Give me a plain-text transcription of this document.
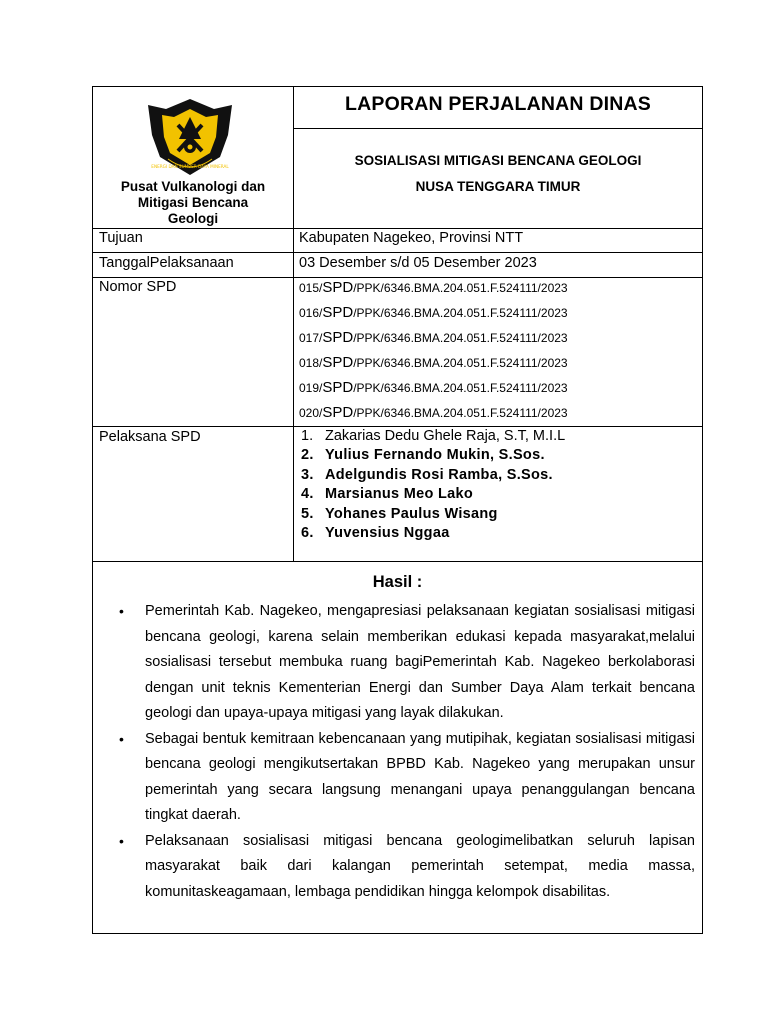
ENERGI DAN SUMBER DAYA MINERAL
LAPORAN PERJALANAN DINAS
SOSIALISASI MITIGASI BENCANA GEOLOGI
NUSA TENGGARA TIMUR
Pusat Vulkanologi dan
Mitigasi Bencana
Geologi
Tujuan	Kabupaten Nagekeo, Provinsi NTT
TanggalPelaksanaan	03 Desember s/d 05 Desember 2023
Nomor SPD
Pelaksana SPD
015/SPD/PPK/6346.BMA.204.051.F.524111/2023
016/SPD/PPK/6346.BMA.204.051.F.524111/2023
017/SPD/PPK/6346.BMA.204.051.F.524111/2023
018/SPD/PPK/6346.BMA.204.051.F.524111/2023
019/SPD/PPK/6346.BMA.204.051.F.524111/2023
020/SPD/PPK/6346.BMA.204.051.F.524111/2023
1. Zakarias Dedu Ghele Raja, S.T, M.I.L
2. Yulius Fernando Mukin, S.Sos.
3. Adelgundis Rosi Ramba, S.Sos.
4. Marsianus Meo Lako
5. Yohanes Paulus Wisang
6. Yuvensius Nggaa
Hasil :
• Pemerintah Kab. Nagekeo, mengapresiasi pelaksanaan kegiatan sosialisasi mitigasi bencana geologi, karena selain memberikan edukasi kepada masyarakat,melalui sosialisasi tersebut membuka ruang bagiPemerintah Kab. Nagekeo berkolaborasi dengan unit teknis Kementerian Energi dan Sumber Daya Alam terkait bencana geologi dan upaya-upaya mitigasi yang layak dilakukan.
• Sebagai bentuk kemitraan kebencanaan yang mutipihak, kegiatan sosialisasi mitigasi bencana geologi mengikutsertakan BPBD Kab. Nagekeo yang merupakan unsur pemerintah yang secara langsung menangani upaya penanggulangan bencana tingkat daerah.
• Pelaksanaan sosialisasi mitigasi bencana geologimelibatkan seluruh lapisan masyarakat baik dari kalangan pemerintah setempat, media massa, komunitaskeagamaan, lembaga pendidikan hingga kelompok disabilitas.
